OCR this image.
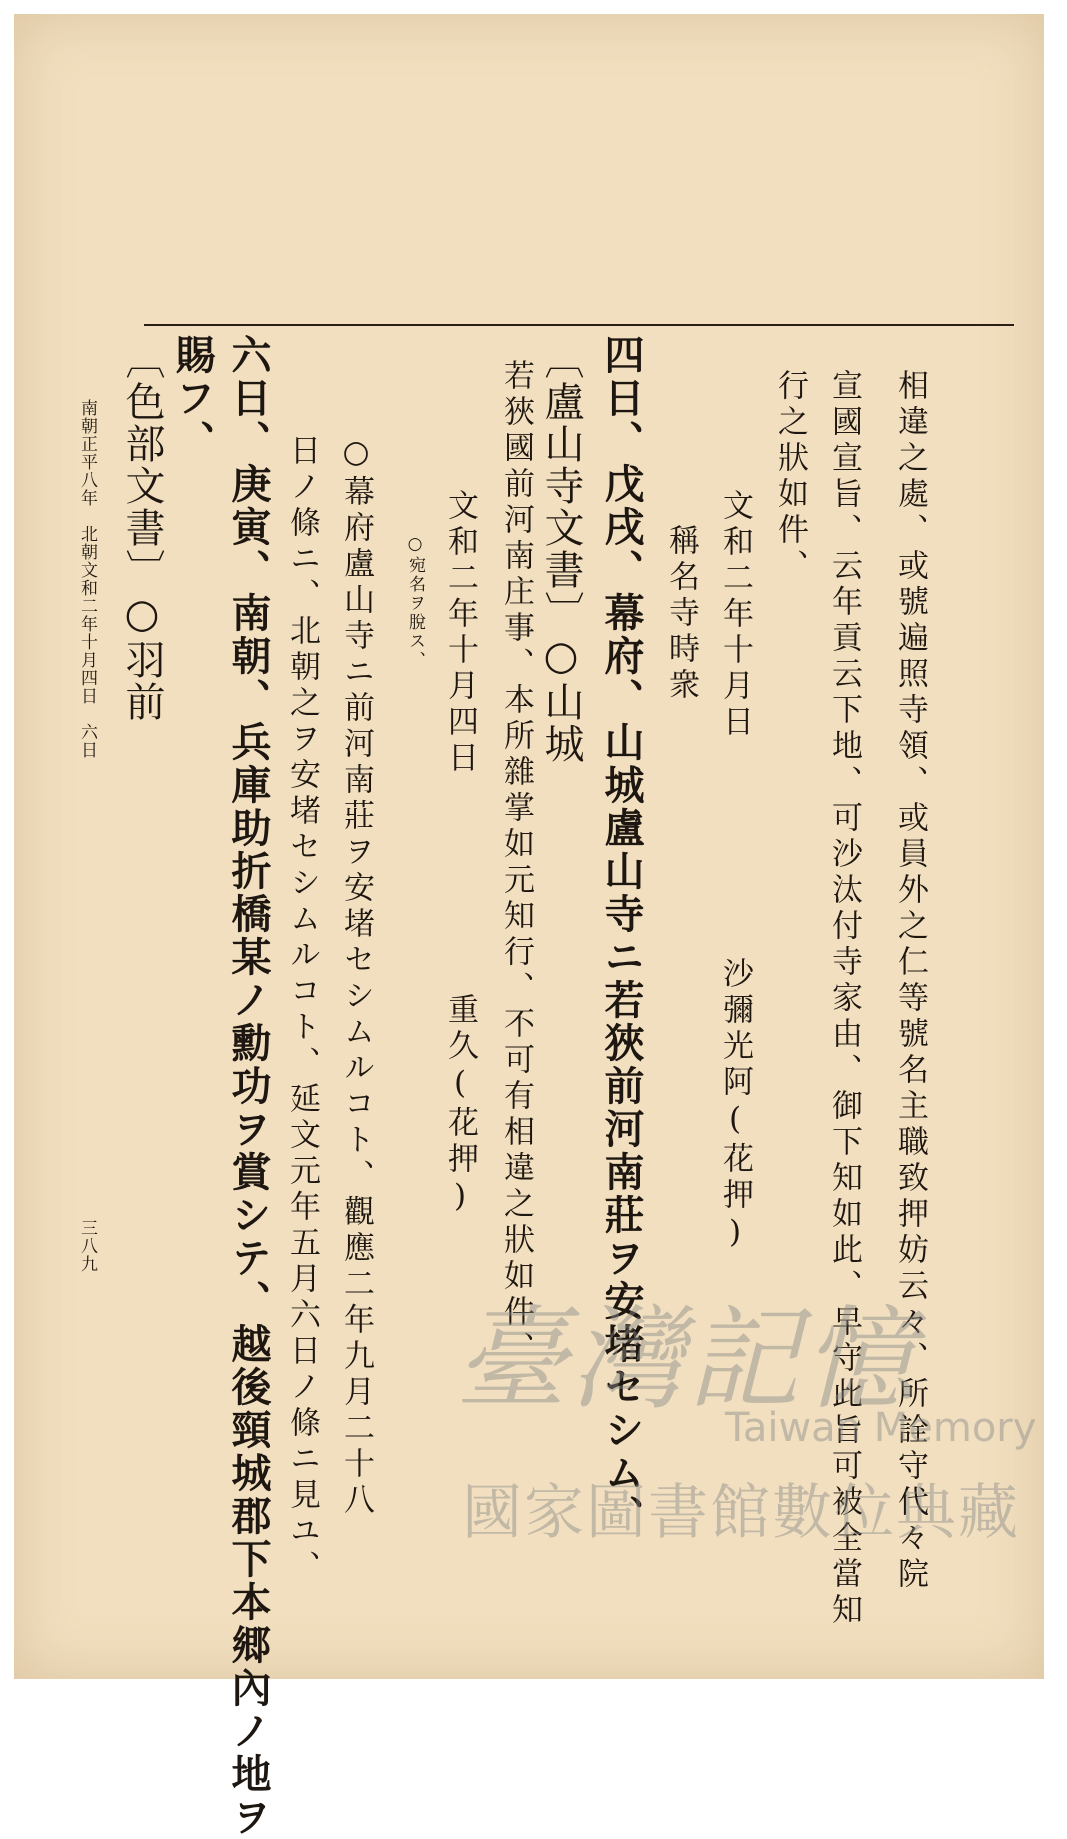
相違之處、或號遍照寺領、或員外之仁等號名主職致押妨云々、所詮守代々院
宣國宣旨、云年貢云下地、可沙汰付寺家由、御下知如此、早守此旨可被全當知
行之狀如件、
文和二年十月日　　　　　　沙彌光阿(花押)
稱名寺時衆
四日、戊戌、幕府、山城盧山寺ニ若狹前河南莊ヲ安堵セシム、
〔盧山寺文書〕○山城
若狹國前河南庄事、本所雜掌如元知行、不可有相違之狀如件、
文和二年十月四日　　　　　　重久(花押)
○宛名ヲ脫ス、
○幕府盧山寺ニ前河南莊ヲ安堵セシムルコト、觀應二年九月二十八
日ノ條ニ、北朝之ヲ安堵セシムルコト、延文元年五月六日ノ條ニ見ユ、
六日、庚寅、南朝、兵庫助折橋某ノ勳功ヲ賞シテ、越後頸城郡下本郷內ノ地ヲ
賜フ、
〔色部文書〕○羽前
南朝正平八年　北朝文和二年十月四日　六日
三八九
臺灣記憶
Taiwan Memory
國家圖書館數位典藏
